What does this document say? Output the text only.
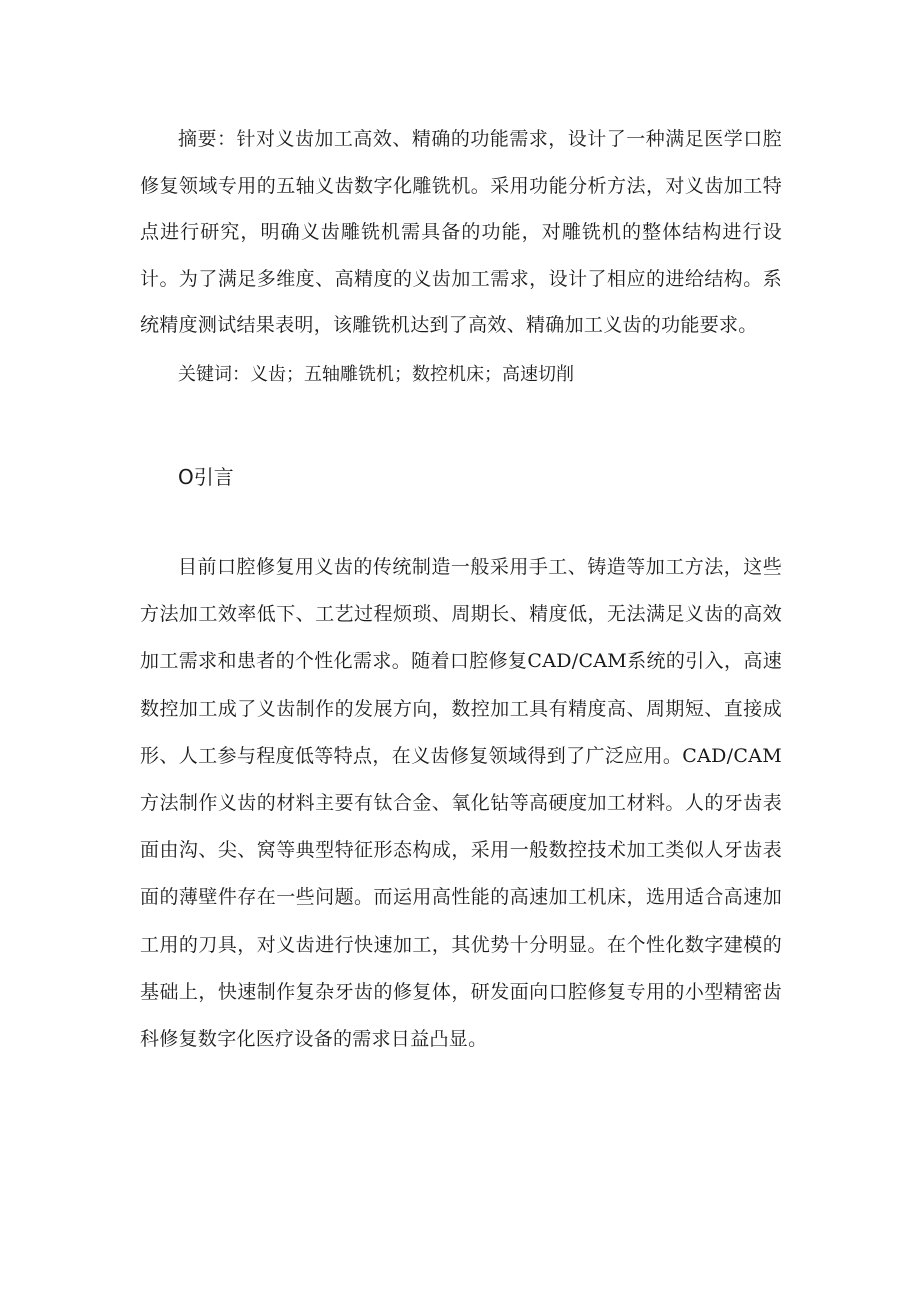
摘要：针对义齿加工高效、精确的功能需求，设计了一种满足医学口腔修复领域专用的五轴义齿数字化雕铣机。采用功能分析方法，对义齿加工特点进行研究，明确义齿雕铣机需具备的功能，对雕铣机的整体结构进行设计。为了满足多维度、高精度的义齿加工需求，设计了相应的进给结构。系统精度测试结果表明，该雕铣机达到了高效、精确加工义齿的功能要求。

关键词：义齿；五轴雕铣机；数控机床；高速切削

O引言

目前口腔修复用义齿的传统制造一般采用手工、铸造等加工方法，这些方法加工效率低下、工艺过程烦琐、周期长、精度低，无法满足义齿的高效加工需求和患者的个性化需求。随着口腔修复CAD/CAM系统的引入，高速数控加工成了义齿制作的发展方向，数控加工具有精度高、周期短、直接成形、人工参与程度低等特点，在义齿修复领域得到了广泛应用。CAD/CAM方法制作义齿的材料主要有钛合金、氧化钻等高硬度加工材料。人的牙齿表面由沟、尖、窝等典型特征形态构成，采用一般数控技术加工类似人牙齿表面的薄壁件存在一些问题。而运用高性能的高速加工机床，选用适合高速加工用的刀具，对义齿进行快速加工，其优势十分明显。在个性化数字建模的基础上，快速制作复杂牙齿的修复体，研发面向口腔修复专用的小型精密齿科修复数字化医疗设备的需求日益凸显。
